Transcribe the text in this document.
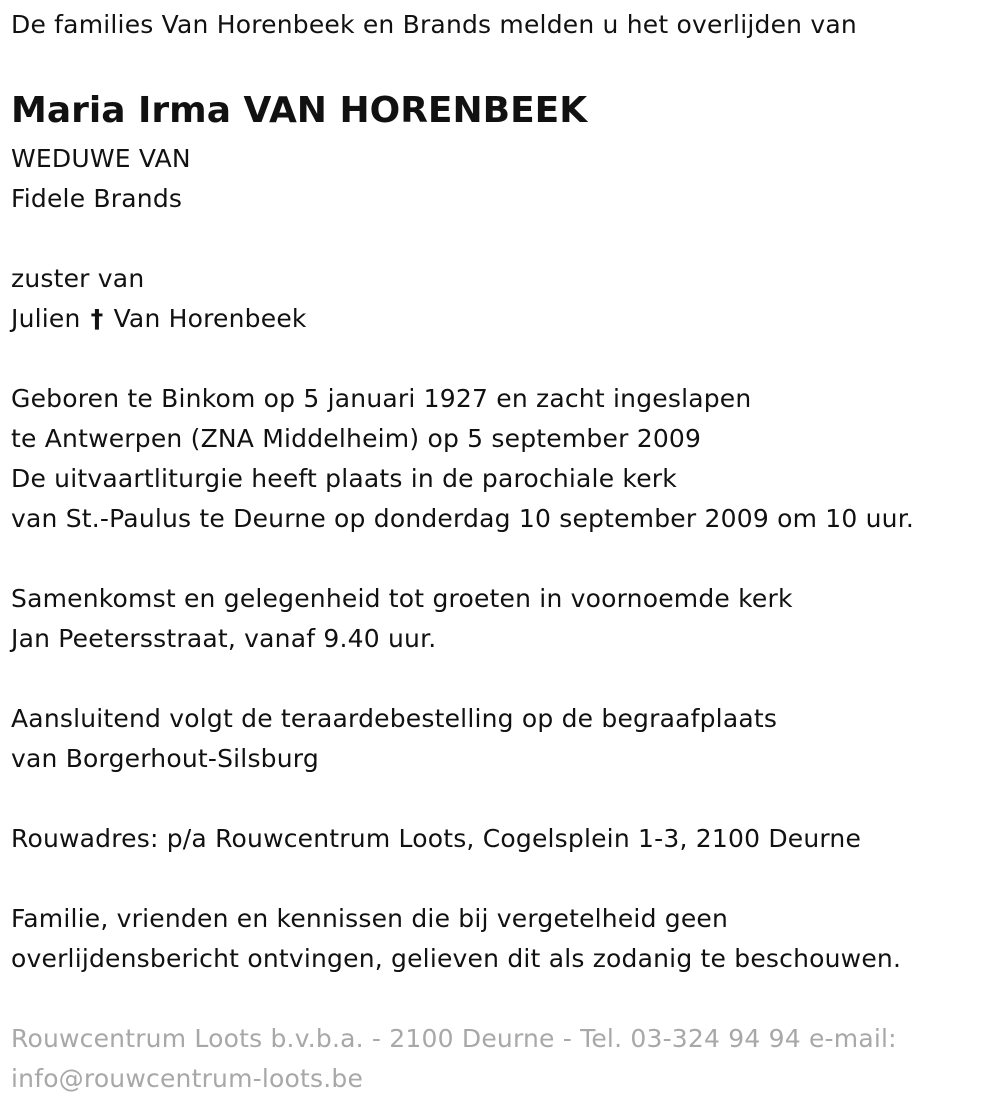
De families Van Horenbeek en Brands melden u het overlijden van
Maria Irma VAN HORENBEEK
WEDUWE VAN
Fidele Brands
zuster van
Julien † Van Horenbeek
Geboren te Binkom op 5 januari 1927 en zacht ingeslapen
te Antwerpen (ZNA Middelheim) op 5 september 2009
De uitvaartliturgie heeft plaats in de parochiale kerk
van St.-Paulus te Deurne op donderdag 10 september 2009 om 10 uur.
Samenkomst en gelegenheid tot groeten in voornoemde kerk
Jan Peetersstraat, vanaf 9.40 uur.
Aansluitend volgt de teraardebestelling op de begraafplaats
van Borgerhout-Silsburg
Rouwadres: p/a Rouwcentrum Loots, Cogelsplein 1-3, 2100 Deurne
Familie, vrienden en kennissen die bij vergetelheid geen
overlijdensbericht ontvingen, gelieven dit als zodanig te beschouwen.
Rouwcentrum Loots b.v.b.a. - 2100 Deurne - Tel. 03-324 94 94 e-mail:
info@rouwcentrum-loots.be
